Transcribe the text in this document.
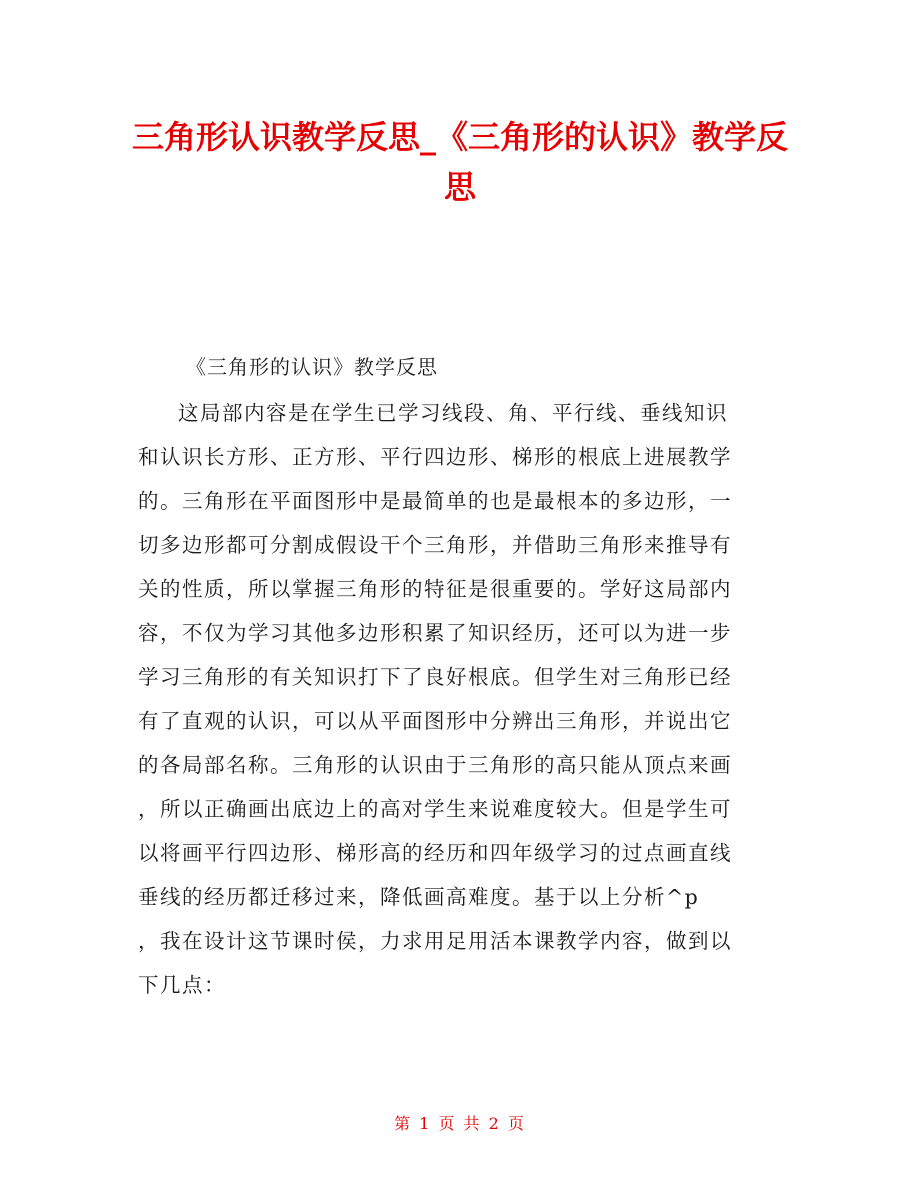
三角形认识教学反思_《三角形的认识》教学反思
《三角形的认识》教学反思
这局部内容是在学生已学习线段、角、平行线、垂线知识
和认识长方形、正方形、平行四边形、梯形的根底上进展教学
的。三角形在平面图形中是最简单的也是最根本的多边形，一
切多边形都可分割成假设干个三角形，并借助三角形来推导有
关的性质，所以掌握三角形的特征是很重要的。学好这局部内
容，不仅为学习其他多边形积累了知识经历，还可以为进一步
学习三角形的有关知识打下了良好根底。但学生对三角形已经
有了直观的认识，可以从平面图形中分辨出三角形，并说出它
的各局部名称。三角形的认识由于三角形的高只能从顶点来画
，所以正确画出底边上的高对学生来说难度较大。但是学生可
以将画平行四边形、梯形高的经历和四年级学习的过点画直线
垂线的经历都迁移过来，降低画高难度。基于以上分析^p
，我在设计这节课时侯，力求用足用活本课教学内容，做到以
下几点：
第 1 页 共 2 页
